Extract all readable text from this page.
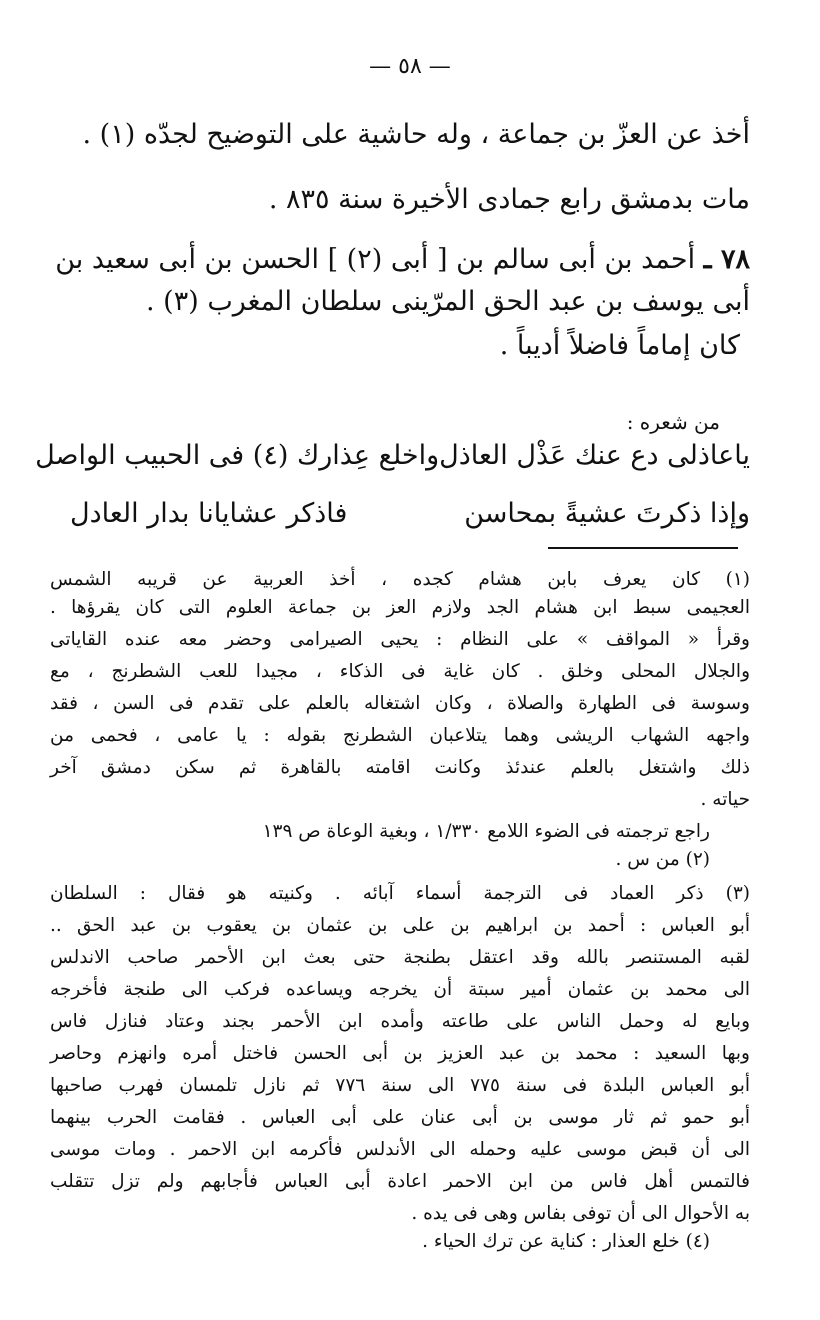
— ٥٨ —
أخذ عن العزّ بن جماعة ، وله حاشية على التوضيح لجدّه (١) .
مات بدمشق رابع جمادى الأخيرة سنة ٨٣٥ .
٧٨ ـ أحمد بن أبى سالم بن [ أبى (٢) ] الحسن بن أبى سعيد بن
أبى يوسف بن عبد الحق المرّينى سلطان المغرب (٣) .
كان إماماً فاضلاً أديباً .
من شعره :
ياعاذلى دع عنك عَذْل العاذل
واخلع عِذارك (٤) فى الحبيب الواصل
وإذا ذكرتَ عشيةً بمحاسن
فاذكر عشايانا بدار العادل
(١) كان يعرف بابن هشام كجده ، أخذ العربية عن قريبه الشمس
العجيمى سبط ابن هشام الجد ولازم العز بن جماعة العلوم التى كان يقرؤها .
وقرأ « المواقف » على النظام : يحيى الصيرامى وحضر معه عنده القاياتى
والجلال المحلى وخلق . كان غاية فى الذكاء ، مجيدا للعب الشطرنج ، مع
وسوسة فى الطهارة والصلاة ، وكان اشتغاله بالعلم على تقدم فى السن ، فقد
واجهه الشهاب الريشى وهما يتلاعبان الشطرنج بقوله : يا عامى ، فحمى من
ذلك واشتغل بالعلم عندئذ وكانت اقامته بالقاهرة ثم سكن دمشق آخر
حياته .
راجع ترجمته فى الضوء اللامع ١/٣٣٠ ، وبغية الوعاة ص ١٣٩
(٢) من س .
(٣) ذكر العماد فى الترجمة أسماء آبائه . وكنيته هو فقال : السلطان
أبو العباس : أحمد بن ابراهيم بن على بن عثمان بن يعقوب بن عبد الحق ..
لقبه المستنصر بالله وقد اعتقل بطنجة حتى بعث ابن الأحمر صاحب الاندلس
الى محمد بن عثمان أمير سبتة أن يخرجه ويساعده فركب الى طنجة فأخرجه
وبايع له وحمل الناس على طاعته وأمده ابن الأحمر بجند وعتاد فنازل فاس
وبها السعيد : محمد بن عبد العزيز بن أبى الحسن فاختل أمره وانهزم وحاصر
أبو العباس البلدة فى سنة ٧٧٥ الى سنة ٧٧٦ ثم نازل تلمسان فهرب صاحبها
أبو حمو ثم ثار موسى بن أبى عنان على أبى العباس . فقامت الحرب بينهما
الى أن قبض موسى عليه وحمله الى الأندلس فأكرمه ابن الاحمر . ومات موسى
فالتمس أهل فاس من ابن الاحمر اعادة أبى العباس فأجابهم ولم تزل تتقلب
به الأحوال الى أن توفى بفاس وهى فى يده .
(٤) خلع العذار : كناية عن ترك الحياء .
